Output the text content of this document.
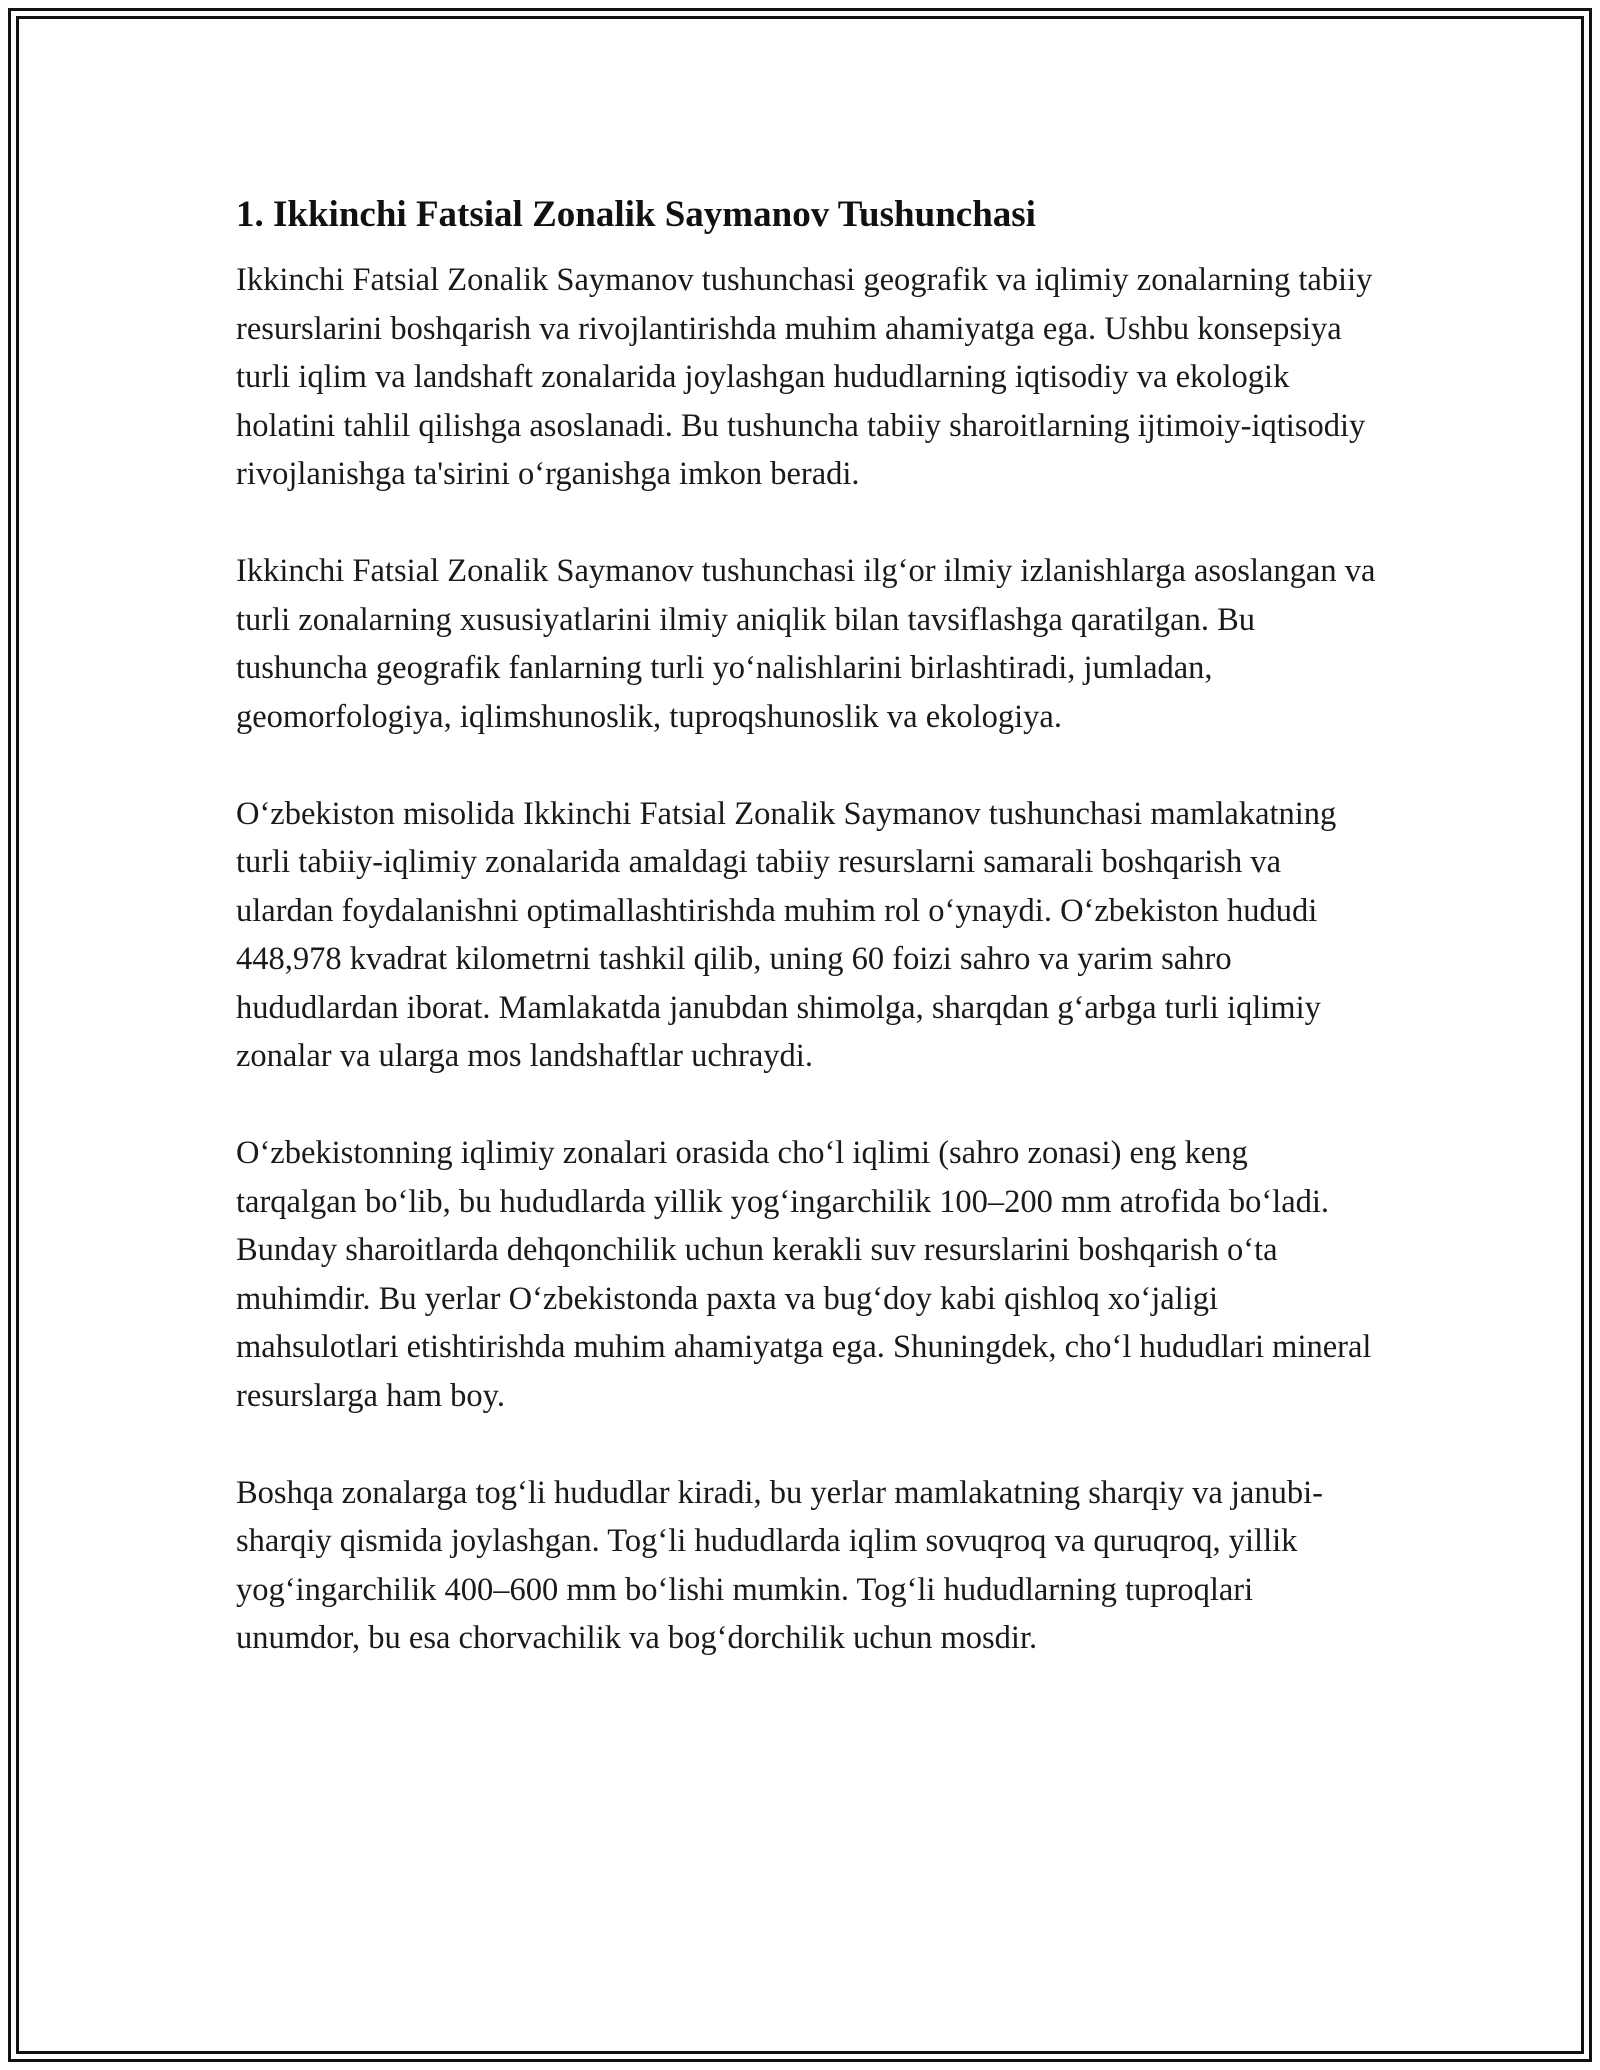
1. Ikkinchi Fatsial Zonalik Saymanov Tushunchasi

Ikkinchi Fatsial Zonalik Saymanov tushunchasi geografik va iqlimiy zonalarning tabiiy resurslarini boshqarish va rivojlantirishda muhim ahamiyatga ega. Ushbu konsepsiya turli iqlim va landshaft zonalarida joylashgan hududlarning iqtisodiy va ekologik holatini tahlil qilishga asoslanadi. Bu tushuncha tabiiy sharoitlarning ijtimoiy-iqtisodiy rivojlanishga ta'sirini o‘rganishga imkon beradi.

Ikkinchi Fatsial Zonalik Saymanov tushunchasi ilg‘or ilmiy izlanishlarga asoslangan va turli zonalarning xususiyatlarini ilmiy aniqlik bilan tavsiflashga qaratilgan. Bu tushuncha geografik fanlarning turli yo‘nalishlarini birlashtiradi, jumladan, geomorfologiya, iqlimshunoslik, tuproqshunoslik va ekologiya.

O‘zbekiston misolida Ikkinchi Fatsial Zonalik Saymanov tushunchasi mamlakatning turli tabiiy-iqlimiy zonalarida amaldagi tabiiy resurslarni samarali boshqarish va ulardan foydalanishni optimallashtirishda muhim rol o‘ynaydi. O‘zbekiston hududi 448,978 kvadrat kilometrni tashkil qilib, uning 60 foizi sahro va yarim sahro hududlardan iborat. Mamlakatda janubdan shimolga, sharqdan g‘arbga turli iqlimiy zonalar va ularga mos landshaftlar uchraydi.

O‘zbekistonning iqlimiy zonalari orasida cho‘l iqlimi (sahro zonasi) eng keng tarqalgan bo‘lib, bu hududlarda yillik yog‘ingarchilik 100–200 mm atrofida bo‘ladi. Bunday sharoitlarda dehqonchilik uchun kerakli suv resurslarini boshqarish o‘ta muhimdir. Bu yerlar O‘zbekistonda paxta va bug‘doy kabi qishloq xo‘jaligi mahsulotlari etishtirishda muhim ahamiyatga ega. Shuningdek, cho‘l hududlari mineral resurslarga ham boy.

Boshqa zonalarga tog‘li hududlar kiradi, bu yerlar mamlakatning sharqiy va janubi-sharqiy qismida joylashgan. Tog‘li hududlarda iqlim sovuqroq va quruqroq, yillik yog‘ingarchilik 400–600 mm bo‘lishi mumkin. Tog‘li hududlarning tuproqlari unumdor, bu esa chorvachilik va bog‘dorchilik uchun mosdir.
